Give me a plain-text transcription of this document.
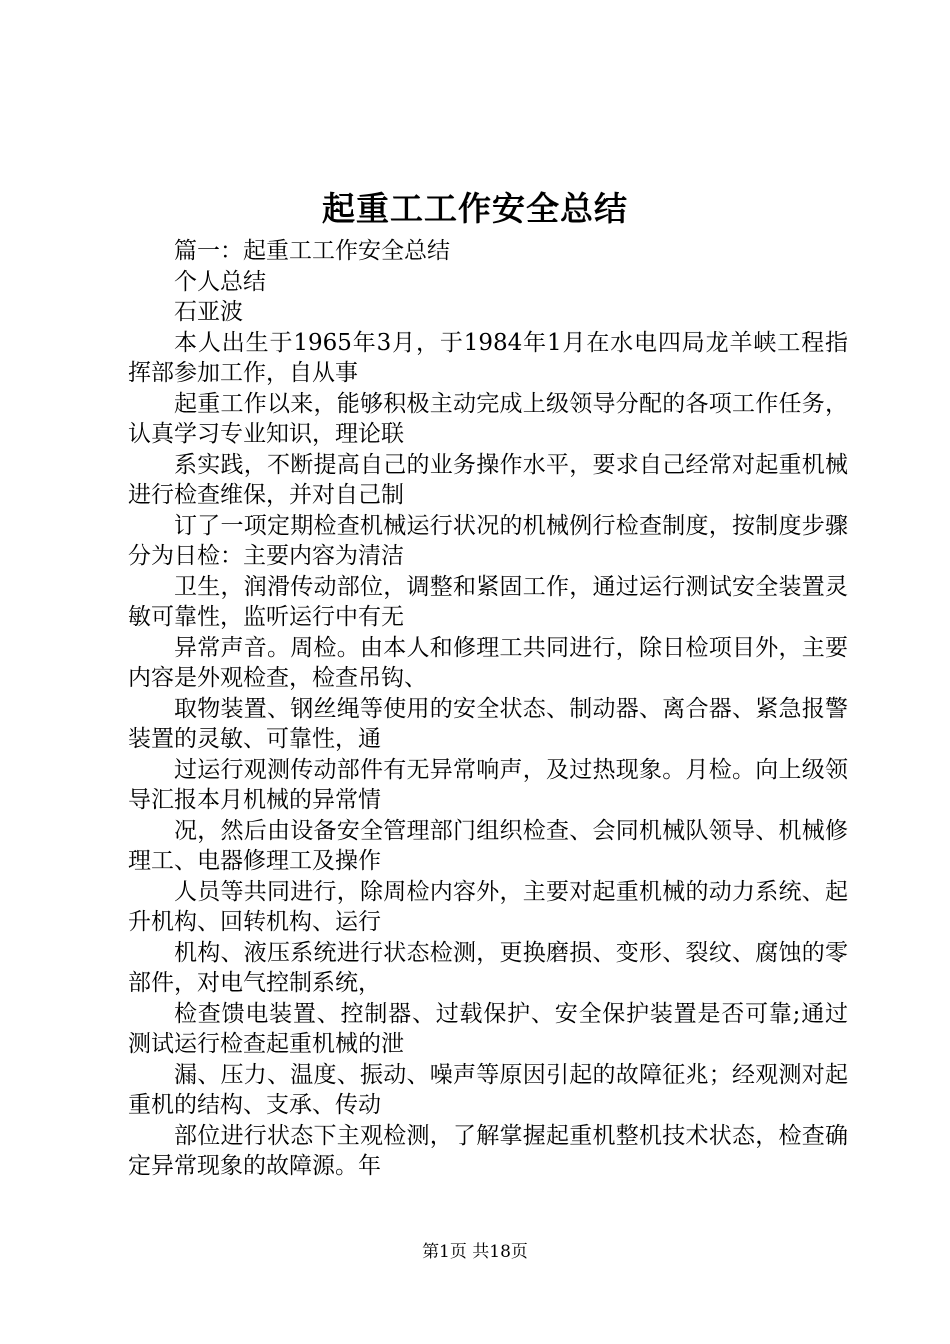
起重工工作安全总结

篇一：起重工工作安全总结

个人总结

石亚波

本人出生于1965年3月，于1984年1月在水电四局龙羊峡工程指挥部参加工作，自从事

起重工作以来，能够积极主动完成上级领导分配的各项工作任务，认真学习专业知识，理论联

系实践，不断提高自己的业务操作水平，要求自己经常对起重机械进行检查维保，并对自己制

订了一项定期检查机械运行状况的机械例行检查制度，按制度步骤分为日检：主要内容为清洁

卫生，润滑传动部位，调整和紧固工作，通过运行测试安全装置灵敏可靠性，监听运行中有无

异常声音。周检。由本人和修理工共同进行，除日检项目外，主要内容是外观检查，检查吊钩、

取物装置、钢丝绳等使用的安全状态、制动器、离合器、紧急报警装置的灵敏、可靠性，通

过运行观测传动部件有无异常响声，及过热现象。月检。向上级领导汇报本月机械的异常情

况，然后由设备安全管理部门组织检查、会同机械队领导、机械修理工、电器修理工及操作

人员等共同进行，除周检内容外，主要对起重机械的动力系统、起升机构、回转机构、运行

机构、液压系统进行状态检测，更换磨损、变形、裂纹、腐蚀的零部件，对电气控制系统，

检查馈电装置、控制器、过载保护、安全保护装置是否可靠;通过测试运行检查起重机械的泄

漏、压力、温度、振动、噪声等原因引起的故障征兆；经观测对起重机的结构、支承、传动

部位进行状态下主观检测，了解掌握起重机整机技术状态，检查确定异常现象的故障源。年

第1页 共18页
